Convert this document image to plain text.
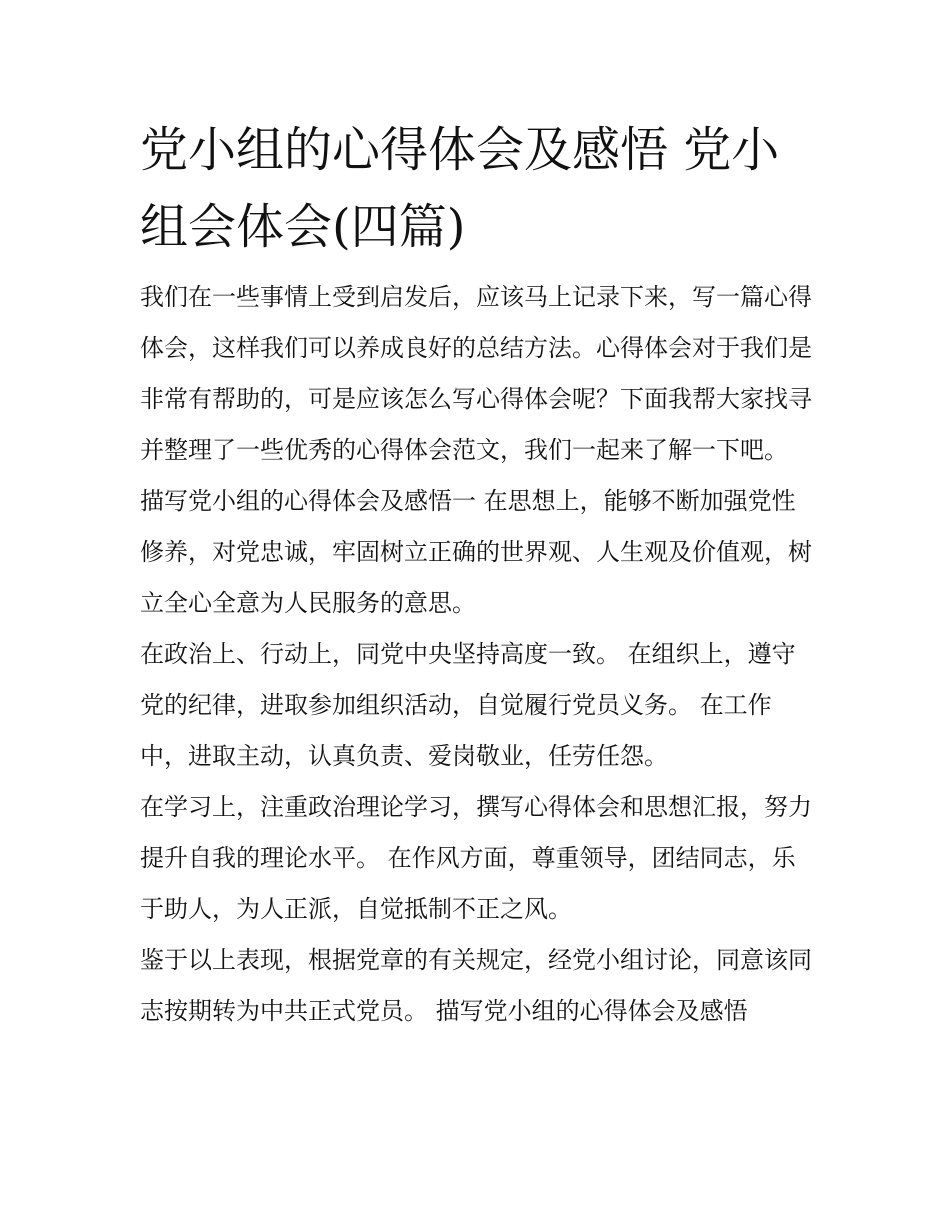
党小组的心得体会及感悟 党小组会体会(四篇)

我们在一些事情上受到启发后，应该马上记录下来，写一篇心得体会，这样我们可以养成良好的总结方法。心得体会对于我们是非常有帮助的，可是应该怎么写心得体会呢？下面我帮大家找寻并整理了一些优秀的心得体会范文，我们一起来了解一下吧。

描写党小组的心得体会及感悟一 在思想上，能够不断加强党性修养，对党忠诚，牢固树立正确的世界观、人生观及价值观，树立全心全意为人民服务的意思。

在政治上、行动上，同党中央坚持高度一致。 在组织上，遵守党的纪律，进取参加组织活动，自觉履行党员义务。 在工作中，进取主动，认真负责、爱岗敬业，任劳任怨。

在学习上，注重政治理论学习，撰写心得体会和思想汇报，努力提升自我的理论水平。 在作风方面，尊重领导，团结同志，乐于助人，为人正派，自觉抵制不正之风。

鉴于以上表现，根据党章的有关规定，经党小组讨论，同意该同志按期转为中共正式党员。 描写党小组的心得体会及感悟
